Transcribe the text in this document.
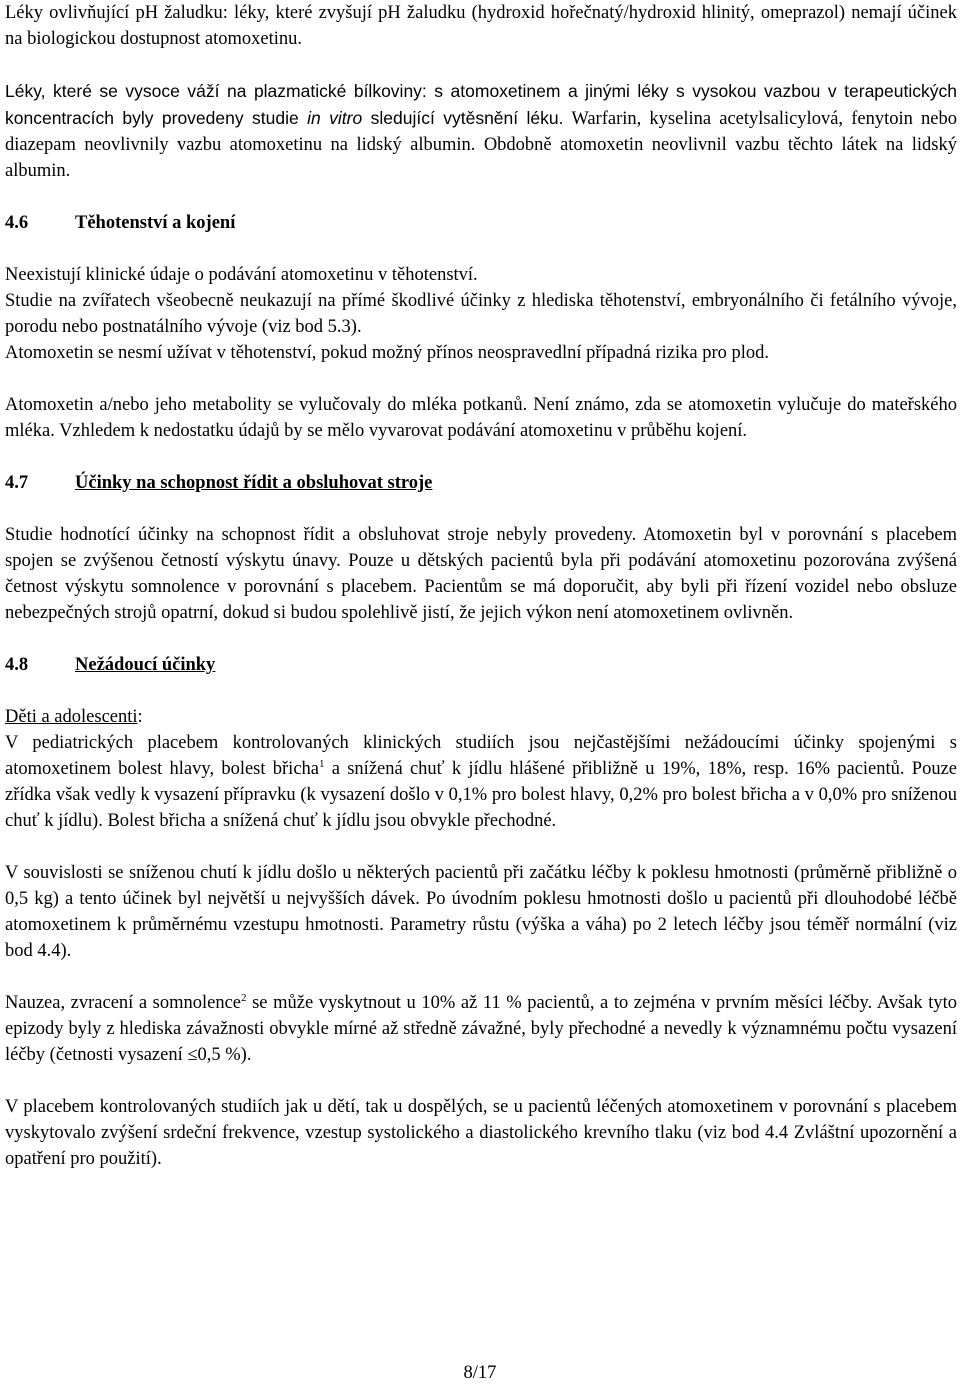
Léky ovlivňující pH žaludku: léky, které zvyšují pH žaludku (hydroxid hořečnatý/hydroxid hlinitý, omeprazol) nemají účinek na biologickou dostupnost atomoxetinu.

Léky, které se vysoce váží na plazmatické bílkoviny: s atomoxetinem a jinými léky s vysokou vazbou v terapeutických koncentracích byly provedeny studie in vitro sledující vytěsnění léku. Warfarin, kyselina acetylsalicylová, fenytoin nebo diazepam neovlivnily vazbu atomoxetinu na lidský albumin. Obdobně atomoxetin neovlivnil vazbu těchto látek na lidský albumin.

4.6	Těhotenství a kojení

Neexistují klinické údaje o podávání atomoxetinu v těhotenství.

Studie na zvířatech všeobecně neukazují na přímé škodlivé účinky z hlediska těhotenství, embryonálního či fetálního vývoje, porodu nebo postnatálního vývoje (viz bod 5.3).

Atomoxetin se nesmí užívat v těhotenství, pokud možný přínos neospravedlní případná rizika pro plod.

Atomoxetin a/nebo jeho metabolity se vylučovaly do mléka potkanů. Není známo, zda se atomoxetin vylučuje do mateřského mléka. Vzhledem k nedostatku údajů by se mělo vyvarovat podávání atomoxetinu v průběhu kojení.

4.7	Účinky na schopnost řídit a obsluhovat stroje

Studie hodnotící účinky na schopnost řídit a obsluhovat stroje nebyly provedeny. Atomoxetin byl v porovnání s placebem spojen se zvýšenou četností výskytu únavy. Pouze u dětských pacientů byla při podávání atomoxetinu pozorována zvýšená četnost výskytu somnolence v porovnání s placebem. Pacientům se má doporučit, aby byli při řízení vozidel nebo obsluze nebezpečných strojů opatrní, dokud si budou spolehlivě jistí, že jejich výkon není atomoxetinem ovlivněn.

4.8	Nežádoucí účinky

Děti a adolescenti:

V pediatrických placebem kontrolovaných klinických studiích jsou nejčastějšími nežádoucími účinky spojenými s atomoxetinem bolest hlavy, bolest břicha$^1$ a snížená chuť k jídlu hlášené přibližně u 19%, 18%, resp. 16% pacientů. Pouze zřídka však vedly k vysazení přípravku (k vysazení došlo v 0,1% pro bolest hlavy, 0,2% pro bolest břicha a v 0,0% pro sníženou chuť k jídlu). Bolest břicha a snížená chuť k jídlu jsou obvykle přechodné.

V souvislosti se sníženou chutí k jídlu došlo u některých pacientů při začátku léčby k poklesu hmotnosti (průměrně přibližně o 0,5 kg) a tento účinek byl největší u nejvyšších dávek. Po úvodním poklesu hmotnosti došlo u pacientů při dlouhodobé léčbě atomoxetinem k průměrnému vzestupu hmotnosti. Parametry růstu (výška a váha) po 2 letech léčby jsou téměř normální (viz bod 4.4).

Nauzea, zvracení a somnolence$^2$ se může vyskytnout u 10% až 11 % pacientů, a to zejména v prvním měsíci léčby. Avšak tyto epizody byly z hlediska závažnosti obvykle mírné až středně závažné, byly přechodné a nevedly k významnému počtu vysazení léčby (četnosti vysazení ≤0,5 %).

V placebem kontrolovaných studiích jak u dětí, tak u dospělých, se u pacientů léčených atomoxetinem v porovnání s placebem vyskytovalo zvýšení srdeční frekvence, vzestup systolického a diastolického krevního tlaku (viz bod 4.4 Zvláštní upozornění a opatření pro použití).

8/17
